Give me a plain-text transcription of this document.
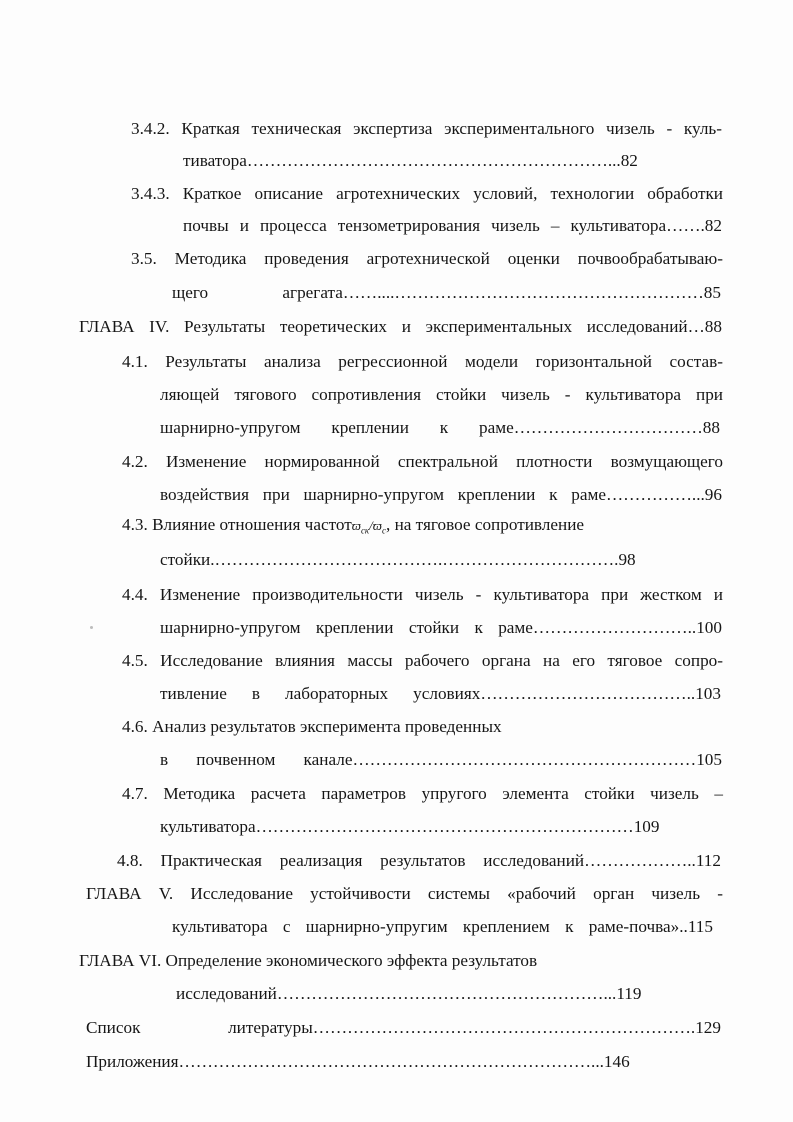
3.4.2. Краткая техническая экспертиза экспериментального чизель - куль-
тиватора………………………………………………………...82
3.4.3. Краткое описание агротехнических условий, технологии обработки
почвы и процесса тензометрирования чизель – культиватора…….82
3.5. Методика проведения агротехнической оценки почвообрабатываю-
щего агрегата……....………………………………………………85
ГЛАВА IV. Результаты теоретических и экспериментальных исследований…88
4.1. Результаты анализа регрессионной модели горизонтальной состав-
ляющей тягового сопротивления стойки чизель - культиватора при
шарнирно-упругом креплении к раме……………………………88
4.2. Изменение нормированной спектральной плотности возмущающего
воздействия при шарнирно-упругом креплении к раме……………...96
4.3. Влияние отношения $частотϖ_{ск}/ϖ_с$, на тяговое сопротивление
стойки.………………………………….………………………….98
4.4. Изменение производительности чизель - культиватора при жестком и
шарнирно-упругом креплении стойки к раме………………………..100
4.5. Исследование влияния массы рабочего органа на его тяговое сопро-
тивление в лабораторных условиях………………………………..103
4.6. Анализ результатов эксперимента проведенных
в почвенном канале……………………………………………………105
4.7. Методика расчета параметров упругого элемента стойки чизель –
культиватора…………………………………………………………109
4.8. Практическая реализация результатов исследований………………..112
ГЛАВА V. Исследование устойчивости системы «рабочий орган чизель -
культиватора с шарнирно-упругим креплением к раме-почва»..115
ГЛАВА VI. Определение экономического эффекта результатов
исследований…………………………………………………...119
Список литературы………………………………………………………….129
Приложения………………………………………………………………...146
